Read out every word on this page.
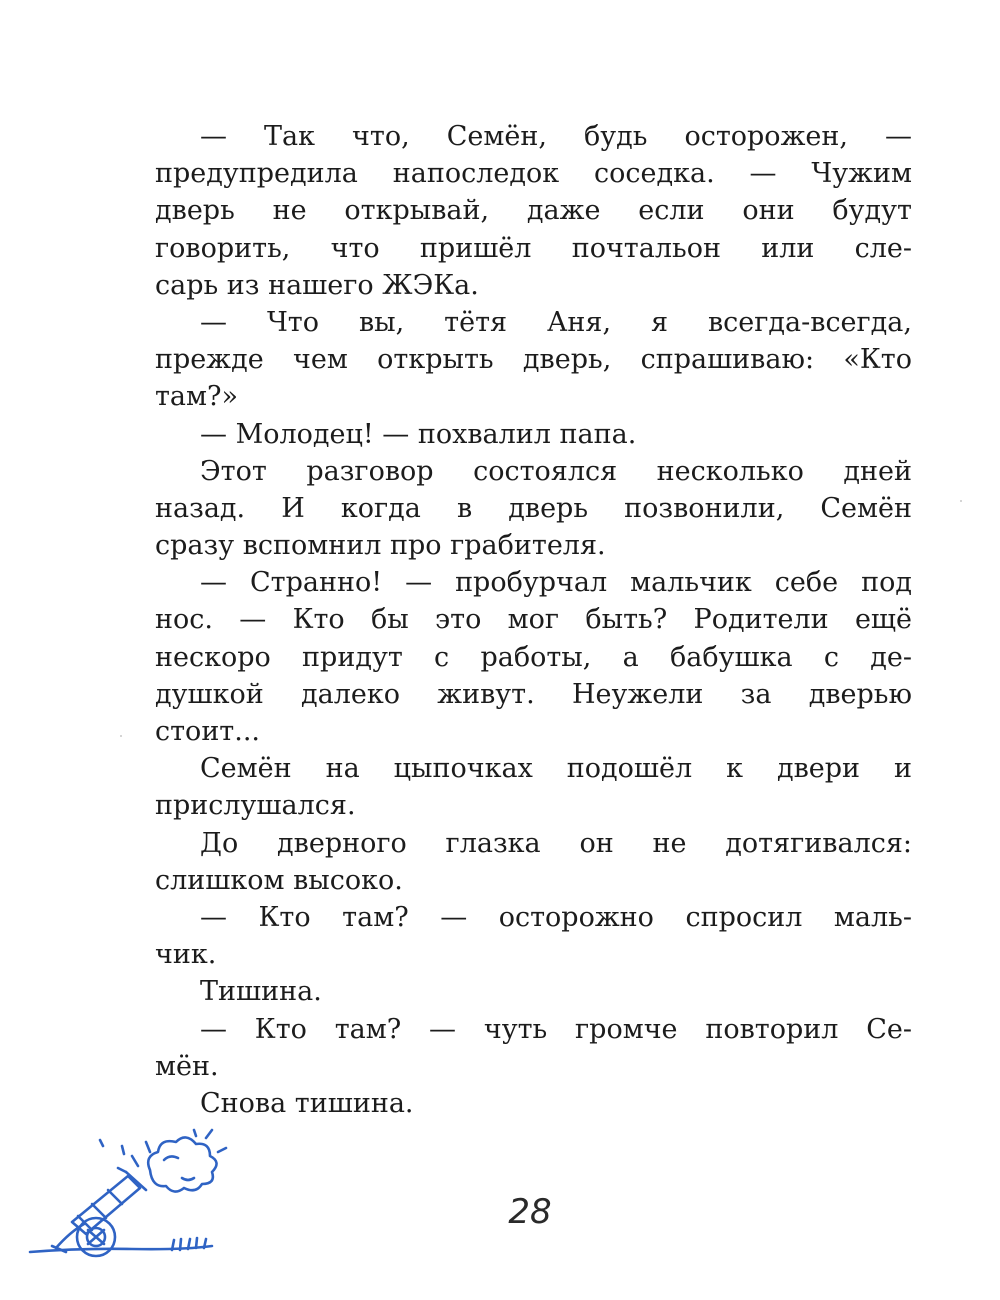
— Так что, Семён, будь осторожен, —
предупредила напоследок соседка. — Чужим
дверь не открывай, даже если они будут
говорить, что пришёл почтальон или сле-
сарь из нашего ЖЭКа.
— Что вы, тётя Аня, я всегда-всегда,
прежде чем открыть дверь, спрашиваю: «Кто
там?»
— Молодец! — похвалил папа.
Этот разговор состоялся несколько дней
назад. И когда в дверь позвонили, Семён
сразу вспомнил про грабителя.
— Странно! — пробурчал мальчик себе под
нос. — Кто бы это мог быть? Родители ещё
нескоро придут с работы, а бабушка с де-
душкой далеко живут. Неужели за дверью
стоит...
Семён на цыпочках подошёл к двери и
прислушался.
До дверного глазка он не дотягивался:
слишком высоко.
— Кто там? — осторожно спросил маль-
чик.
Тишина.
— Кто там? — чуть громче повторил Се-
мён.
Снова тишина.
28
